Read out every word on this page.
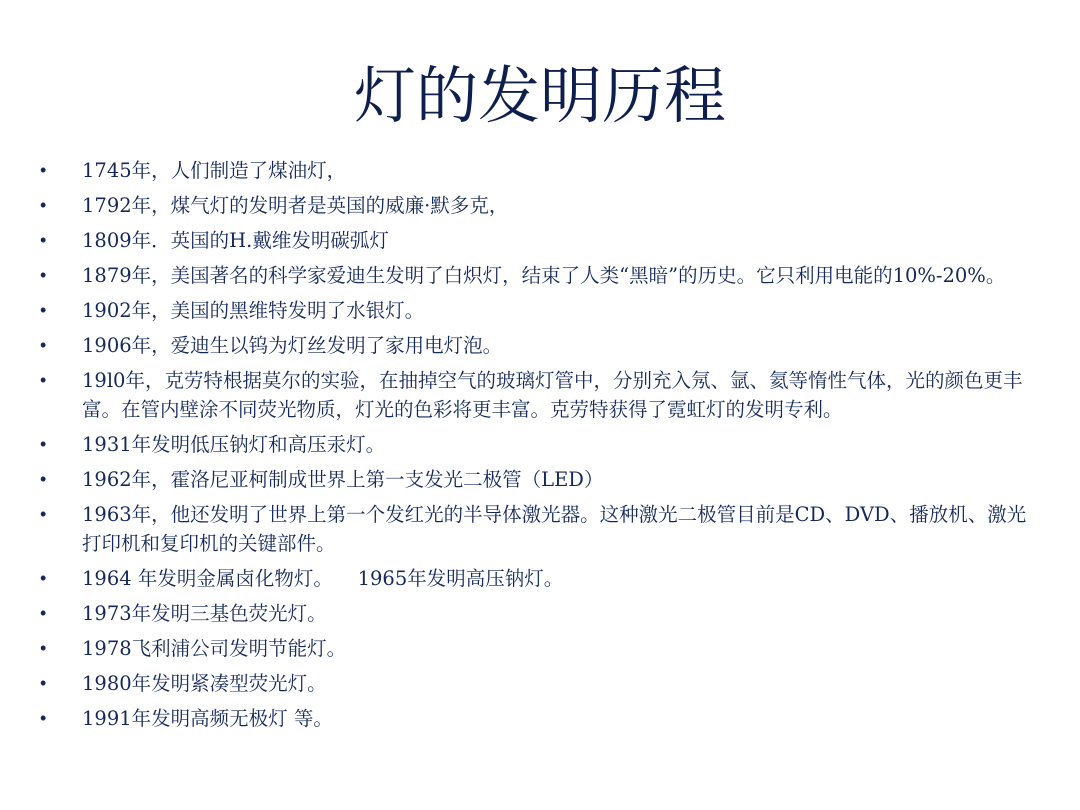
灯的发明历程
• 1745年，人们制造了煤油灯，
• 1792年，煤气灯的发明者是英国的威廉·默多克，
• 1809年．英国的H.戴维发明碳弧灯
• 1879年，美国著名的科学家爱迪生发明了白炽灯，结束了人类“黑暗”的历史。它只利用电能的10%-20%。
• 1902年，美国的黑维特发明了水银灯。
• 1906年，爱迪生以钨为灯丝发明了家用电灯泡。
• 19l0年，克劳特根据莫尔的实验，在抽掉空气的玻璃灯管中，分别充入氖、氩、氦等惰性气体，光的颜色更丰富。在管内壁涂不同荧光物质，灯光的色彩将更丰富。克劳特获得了霓虹灯的发明专利。
• 1931年发明低压钠灯和高压汞灯。
• 1962年，霍洛尼亚柯制成世界上第一支发光二极管（LED）
• 1963年，他还发明了世界上第一个发红光的半导体激光器。这种激光二极管目前是CD、DVD、播放机、激光打印机和复印机的关键部件。
• 1964 年发明金属卤化物灯。    1965年发明高压钠灯。
• 1973年发明三基色荧光灯。
• 1978飞利浦公司发明节能灯。
• 1980年发明紧凑型荧光灯。
• 1991年发明高频无极灯 等。
